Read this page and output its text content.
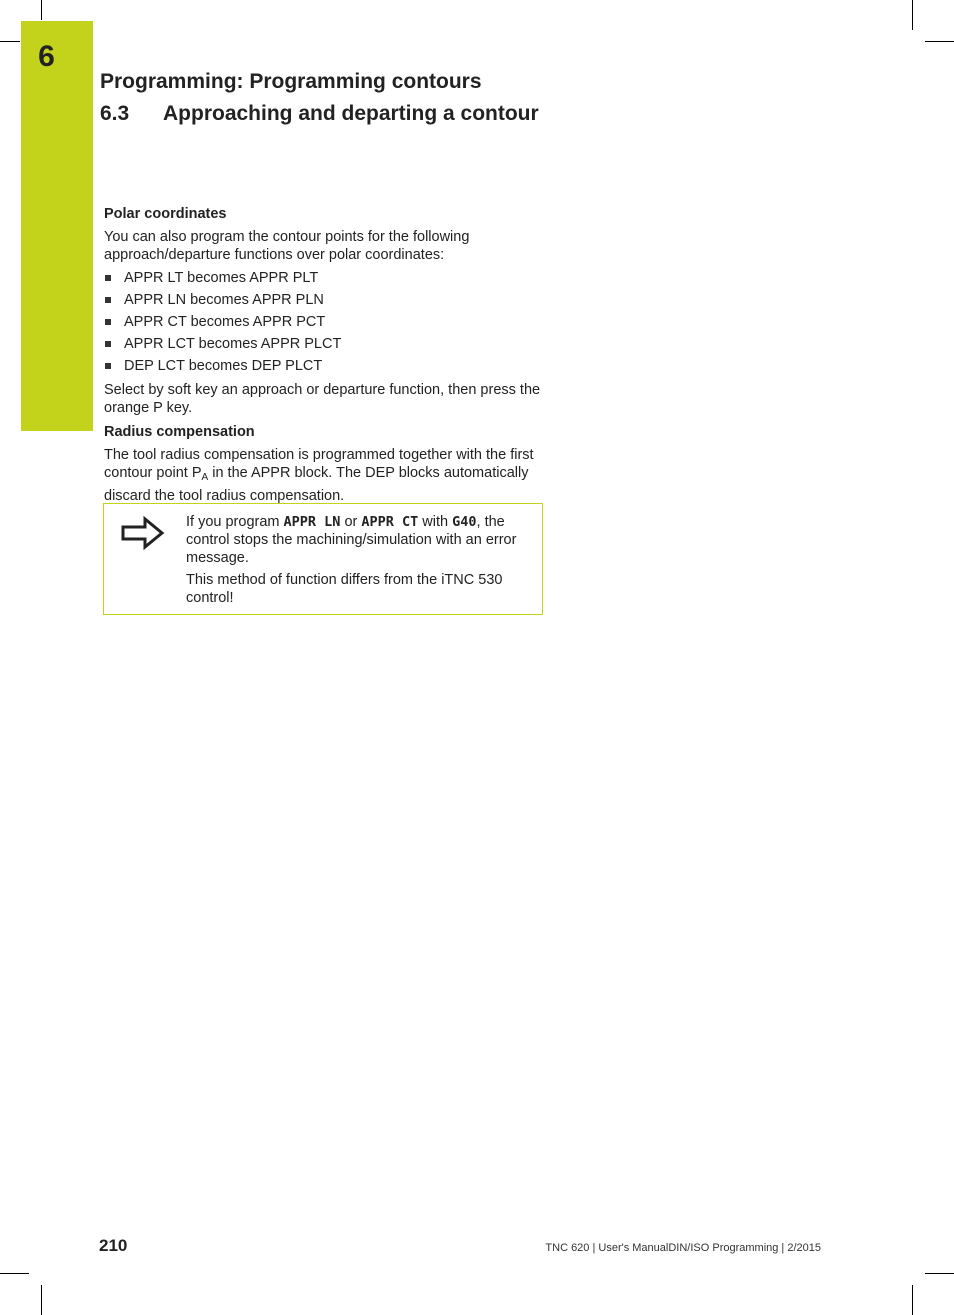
6
Programming: Programming contours
6.3 Approaching and departing a contour
Polar coordinates

You can also program the contour points for the following approach/departure functions over polar coordinates:

APPR LT becomes APPR PLT
APPR LN becomes APPR PLN
APPR CT becomes APPR PCT
APPR LCT becomes APPR PLCT
DEP LCT becomes DEP PLCT

Select by soft key an approach or departure function, then press the orange P key.

Radius compensation

The tool radius compensation is programmed together with the first contour point $P_A$ in the APPR block. The DEP blocks automatically discard the tool radius compensation.

If you program APPR LN or APPR CT with G40, the control stops the machining/simulation with an error message.

This method of function differs from the iTNC 530 control!

210	TNC 620 | User's ManualDIN/ISO Programming | 2/2015
